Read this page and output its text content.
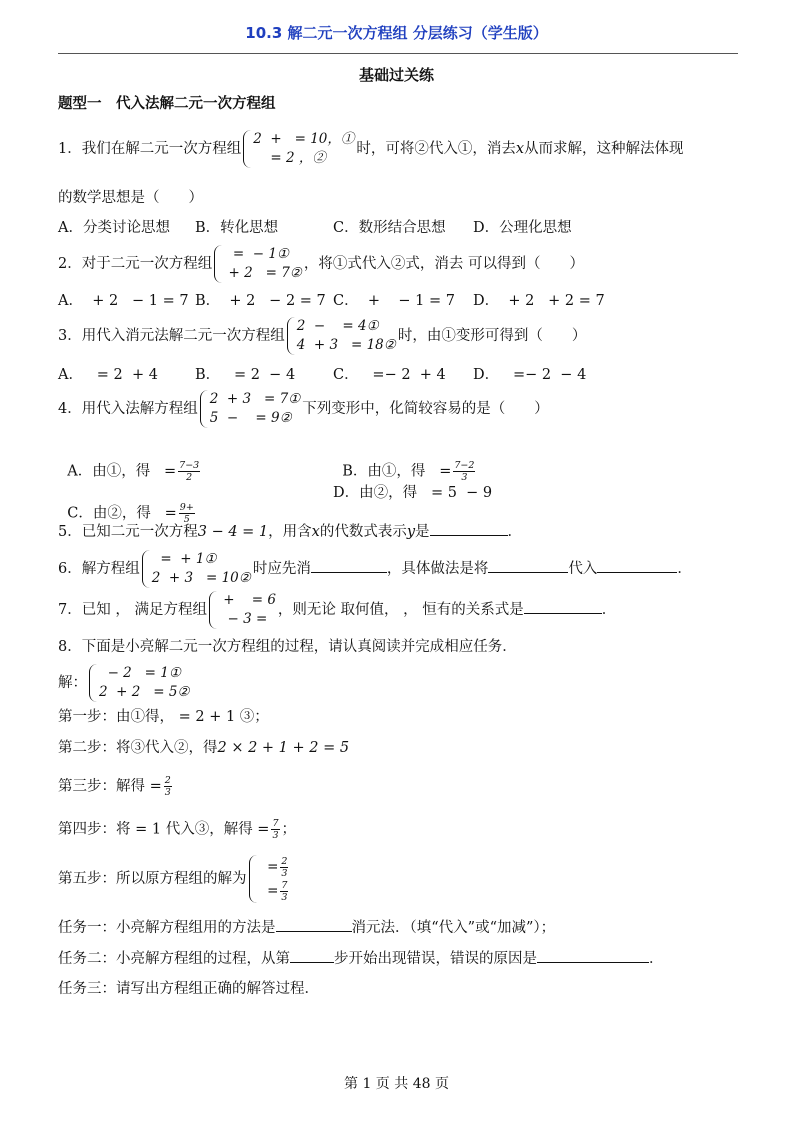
10.3 解二元一次方程组 分层练习（学生版）
基础过关练
题型一　代入法解二元一次方程组
1．我们在解二元一次方程组
2  +   = 10，①
= 2 ，②
时，可将②代入①，消去x从而求解，这种解法体现
的数学思想是（　　）
A．分类讨论思想 B．转化思想	C．数形结合思想 D．公理化思想
2．对于二元一次方程组
=  − 1①
+ 2   = 7②
，将①式代入②式，消去 可以得到（　　）
A．  + 2   − 1 = 7 B．  + 2   − 2 = 7 C．  +    − 1 = 7 D．  + 2   + 2 = 7
3．用代入消元法解二元一次方程组
2  −    = 4①
4  + 3   = 18②
时，由①变形可得到（　　）
A．   = 2  + 4	B．   = 2  − 4	C．   =− 2  + 4 D．   =− 2  − 4
4．用代入法解方程组
2  + 3   = 7①
5  −    = 9②
下列变形中，化简较容易的是（　　）

A．由①，得   = $\frac{7-3}{2}$	B．由①，得   = $\frac{7-2}{3}$

C．由②，得   = $\frac{9+}{5}$

D．由②，得   = 5  − 9
5．已知二元一次方程3 − 4 = 1，用含x的代数式表示y是	．
6．解方程组
=  + 1①
2  + 3   = 10②
时应先消	，具体做法是将	代入	．
7．已知 ， 满足方程组
+    = 6
− 3 =
，则无论 取何值， ， 恒有的关系式是	．
8．下面是小亮解二元一次方程组的过程，请认真阅读并完成相应任务．
解：
− 2   = 1①
2  + 2   = 5②
第一步：由①得， = 2 + 1 ③；
第二步：将③代入②，得2 × 2 + 1 + 2 = 5
第三步：解得 = $\frac{2}{3}$
第四步：将 = 1 代入③，解得 = $\frac{7}{3}$ ；
第五步：所以原方程组的解为
= $\frac{2}{3}$
= $\frac{7}{3}$
任务一：小亮解方程组用的方法是	消元法．（填“代入”或“加减”）；
任务二：小亮解方程组的过程，从第	步开始出现错误，错误的原因是	．
任务三：请写出方程组正确的解答过程．
第 1 页 共 48 页
